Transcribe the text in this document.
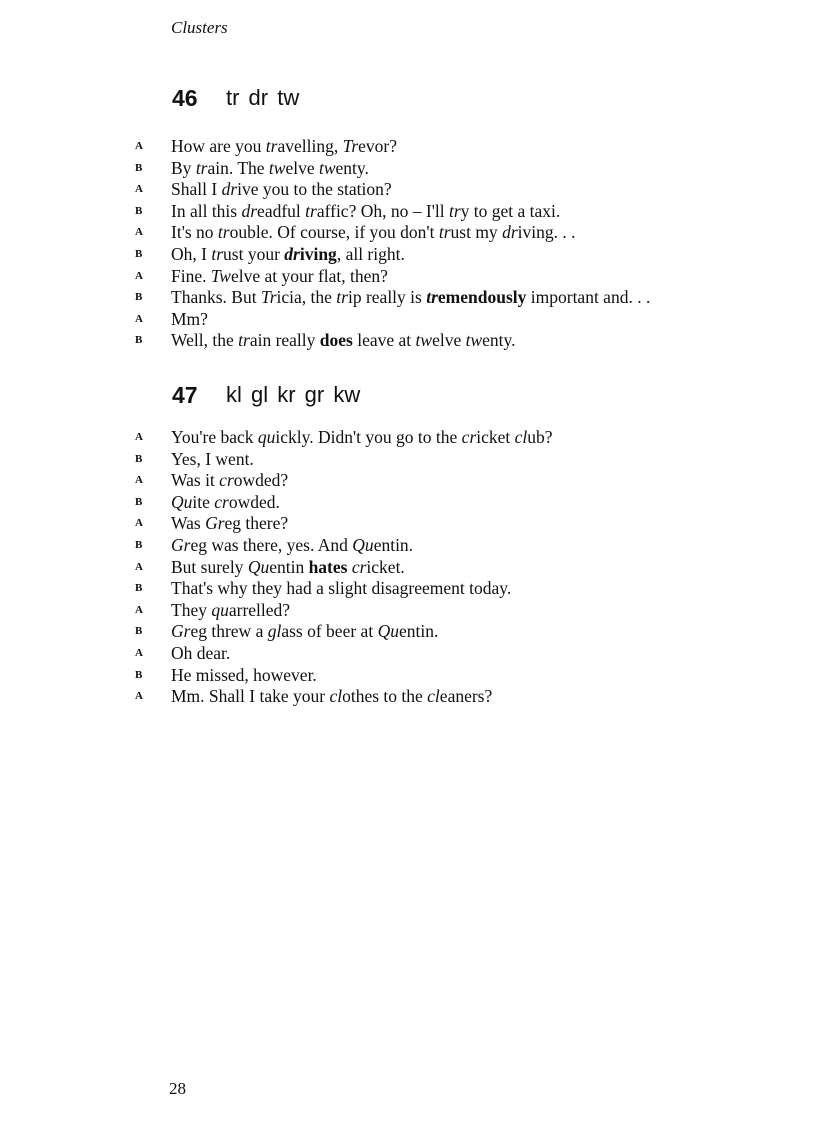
Clusters
46 tr dr tw
A	How are you travelling, Trevor?
B	By train. The twelve twenty.
A	Shall I drive you to the station?
B	In all this dreadful traffic? Oh, no – I'll try to get a taxi.
A	It's no trouble. Of course, if you don't trust my driving. . .
B	Oh, I trust your driving, all right.
A	Fine. Twelve at your flat, then?
B	Thanks. But Tricia, the trip really is tremendously important and. . .
A	Mm?
B	Well, the train really does leave at twelve twenty.
47 kl gl kr gr kw
A	You're back quickly. Didn't you go to the cricket club?
B	Yes, I went.
A	Was it crowded?
B	Quite crowded.
A	Was Greg there?
B	Greg was there, yes. And Quentin.
A	But surely Quentin hates cricket.
B	That's why they had a slight disagreement today.
A	They quarrelled?
B	Greg threw a glass of beer at Quentin.
A	Oh dear.
B	He missed, however.
A	Mm. Shall I take your clothes to the cleaners?
28
